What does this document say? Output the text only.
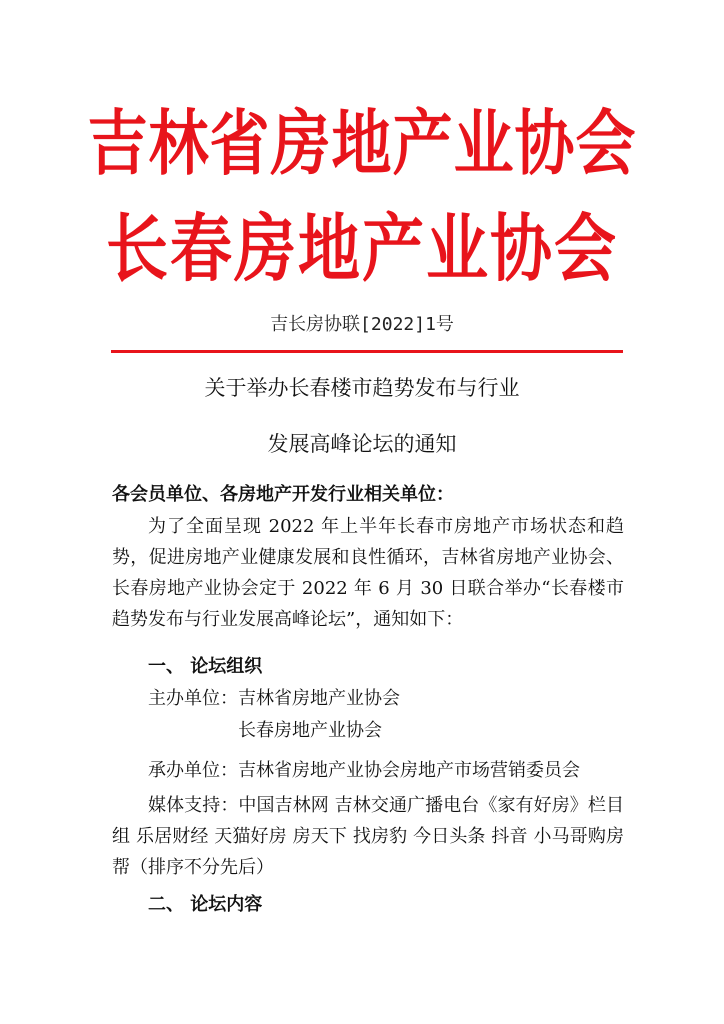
吉林省房地产业协会
长春房地产业协会
吉长房协联[2022]1号
关于举办长春楼市趋势发布与行业
发展高峰论坛的通知
各会员单位、各房地产开发行业相关单位：
为了全面呈现 2022 年上半年长春市房地产市场状态和趋势，促进房地产业健康发展和良性循环，吉林省房地产业协会、长春房地产业协会定于 2022 年 6 月 30 日联合举办“长春楼市趋势发布与行业发展高峰论坛”，通知如下：
一、 论坛组织
主办单位：吉林省房地产业协会
长春房地产业协会
承办单位：吉林省房地产业协会房地产市场营销委员会
媒体支持：中国吉林网 吉林交通广播电台《家有好房》栏目组 乐居财经 天猫好房 房天下 找房豹 今日头条 抖音 小马哥购房帮（排序不分先后）
二、 论坛内容
